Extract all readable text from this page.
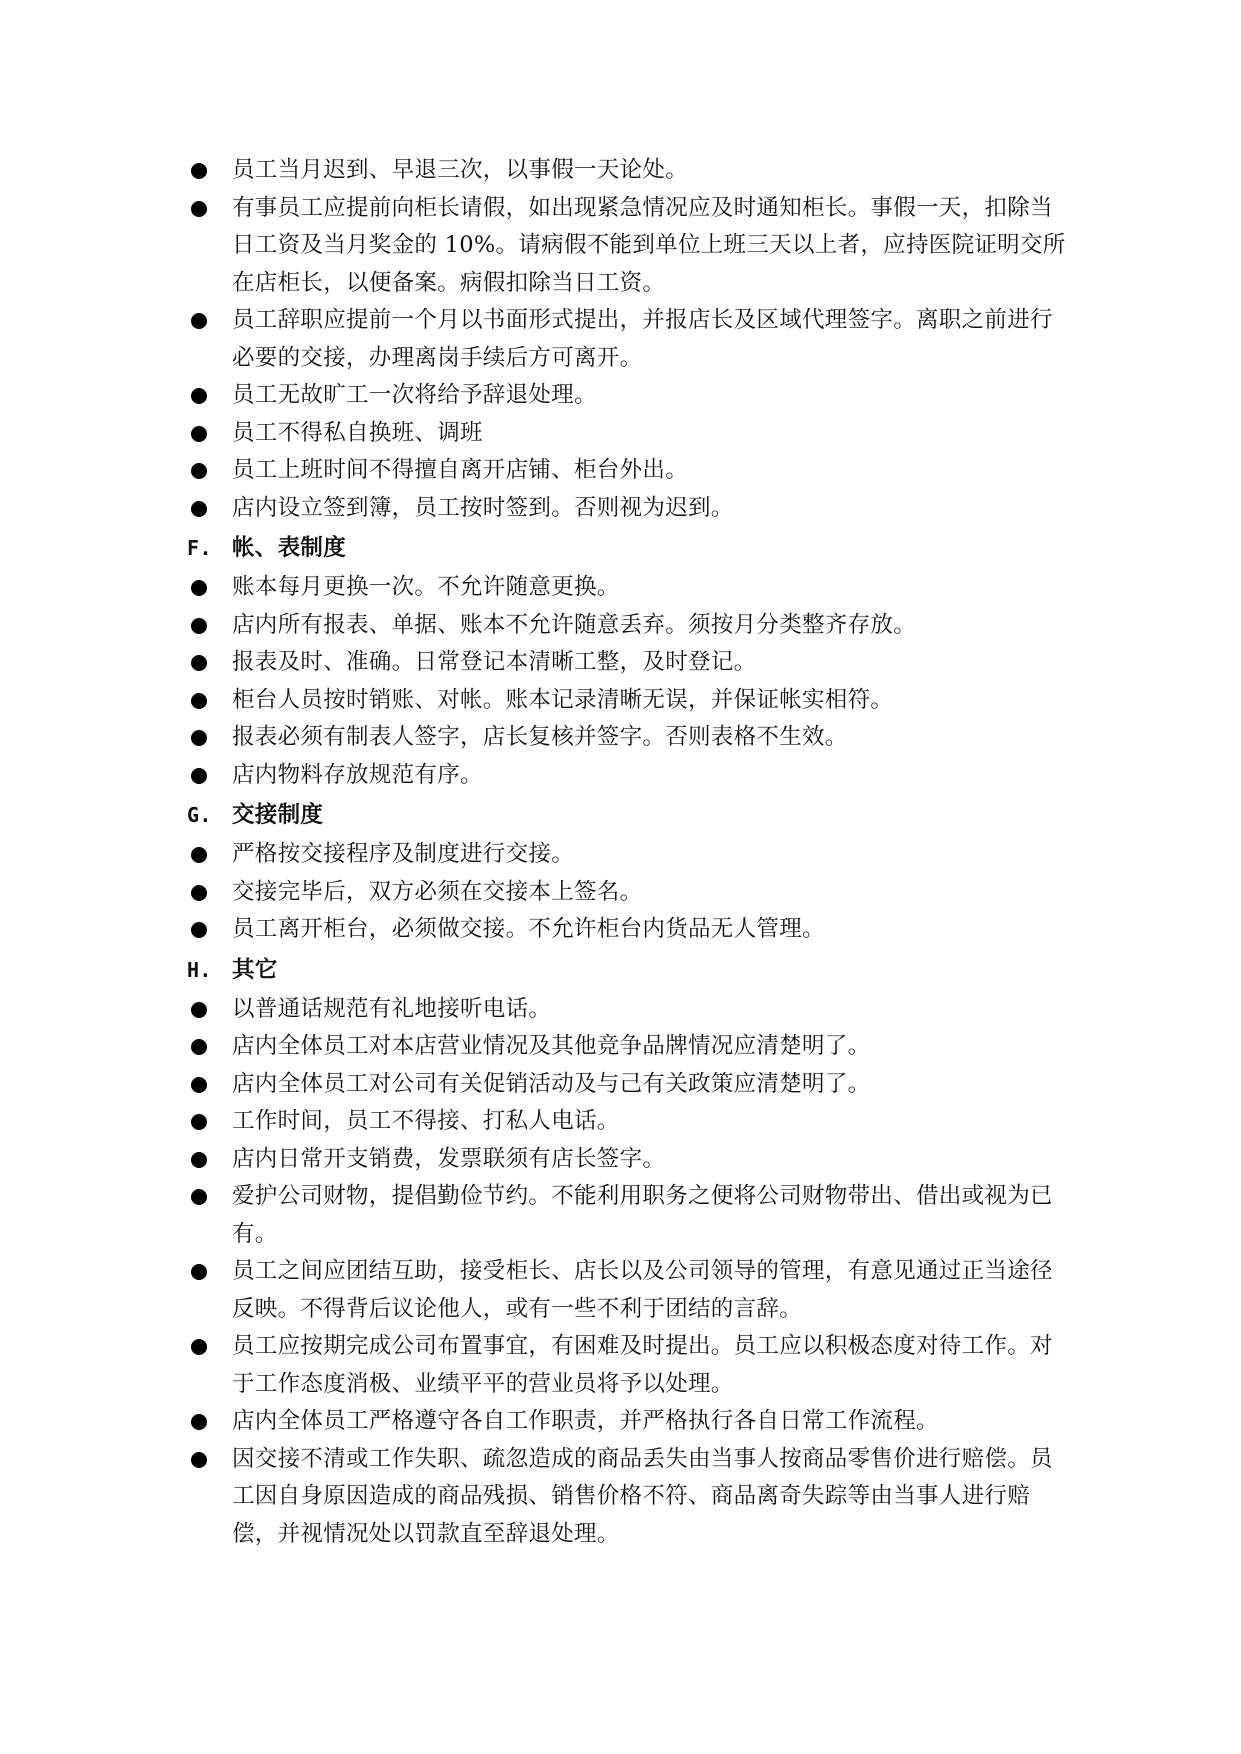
员工当月迟到、早退三次，以事假一天论处。
有事员工应提前向柜长请假，如出现紧急情况应及时通知柜长。事假一天，扣除当日工资及当月奖金的 10%。请病假不能到单位上班三天以上者，应持医院证明交所在店柜长，以便备案。病假扣除当日工资。
员工辞职应提前一个月以书面形式提出，并报店长及区域代理签字。离职之前进行必要的交接，办理离岗手续后方可离开。
员工无故旷工一次将给予辞退处理。
员工不得私自换班、调班
员工上班时间不得擅自离开店铺、柜台外出。
店内设立签到簿，员工按时签到。否则视为迟到。
F. 帐、表制度
账本每月更换一次。不允许随意更换。
店内所有报表、单据、账本不允许随意丢弃。须按月分类整齐存放。
报表及时、准确。日常登记本清晰工整，及时登记。
柜台人员按时销账、对帐。账本记录清晰无误，并保证帐实相符。
报表必须有制表人签字，店长复核并签字。否则表格不生效。
店内物料存放规范有序。
G. 交接制度
严格按交接程序及制度进行交接。
交接完毕后，双方必须在交接本上签名。
员工离开柜台，必须做交接。不允许柜台内货品无人管理。
H. 其它
以普通话规范有礼地接听电话。
店内全体员工对本店营业情况及其他竞争品牌情况应清楚明了。
店内全体员工对公司有关促销活动及与己有关政策应清楚明了。
工作时间，员工不得接、打私人电话。
店内日常开支销费，发票联须有店长签字。
爱护公司财物，提倡勤俭节约。不能利用职务之便将公司财物带出、借出或视为已有。
员工之间应团结互助，接受柜长、店长以及公司领导的管理，有意见通过正当途径反映。不得背后议论他人，或有一些不利于团结的言辞。
员工应按期完成公司布置事宜，有困难及时提出。员工应以积极态度对待工作。对于工作态度消极、业绩平平的营业员将予以处理。
店内全体员工严格遵守各自工作职责，并严格执行各自日常工作流程。
因交接不清或工作失职、疏忽造成的商品丢失由当事人按商品零售价进行赔偿。员工因自身原因造成的商品残损、销售价格不符、商品离奇失踪等由当事人进行赔偿，并视情况处以罚款直至辞退处理。
